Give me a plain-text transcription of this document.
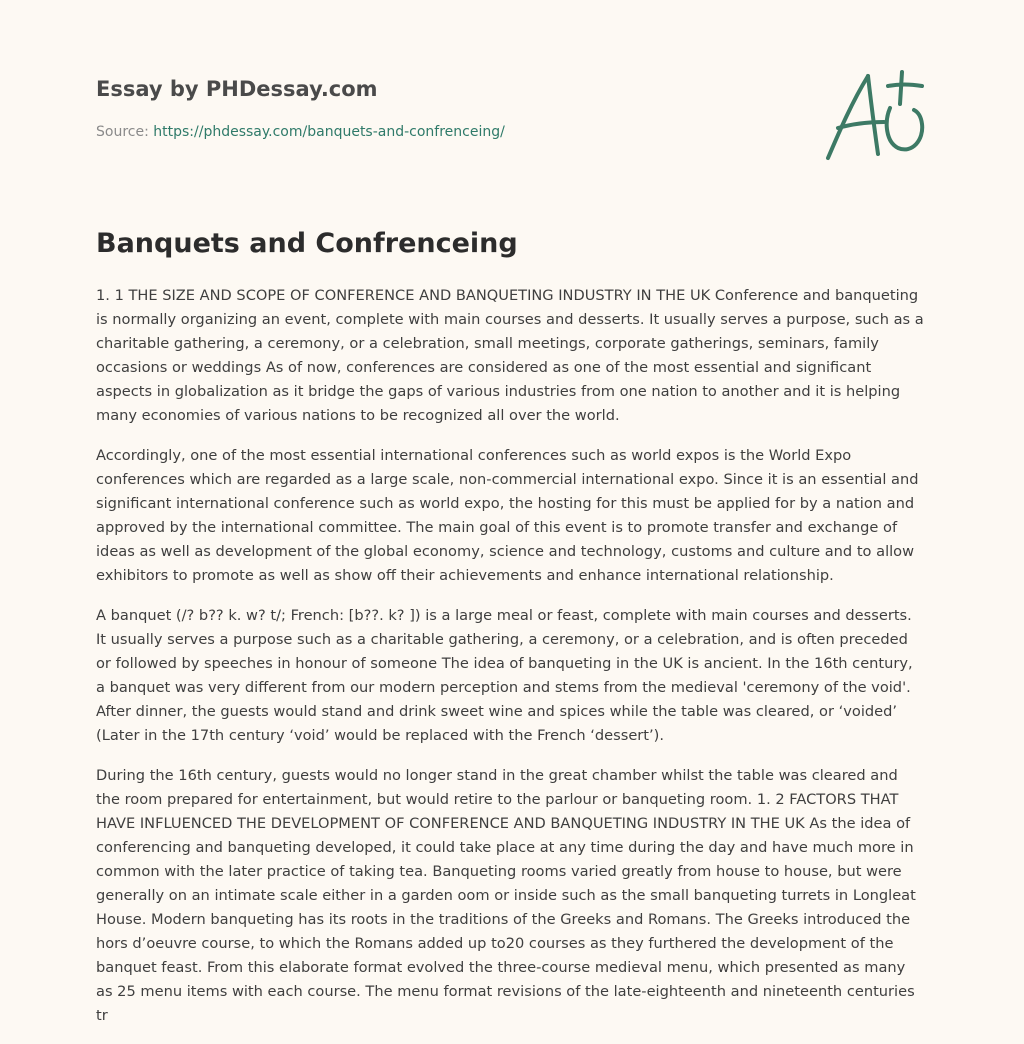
Essay by PHDessay.com
Source: https://phdessay.com/banquets-and-confrenceing/
Banquets and Confrenceing

1. 1 THE SIZE AND SCOPE OF CONFERENCE AND BANQUETING INDUSTRY IN THE UK Conference and banqueting is normally organizing an event, complete with main courses and desserts. It usually serves a purpose, such as a charitable gathering, a ceremony, or a celebration, small meetings, corporate gatherings, seminars, family occasions or weddings As of now, conferences are considered as one of the most essential and significant aspects in globalization as it bridge the gaps of various industries from one nation to another and it is helping many economies of various nations to be recognized all over the world.

Accordingly, one of the most essential international conferences such as world expos is the World Expo conferences which are regarded as a large scale, non-commercial international expo. Since it is an essential and significant international conference such as world expo, the hosting for this must be applied for by a nation and approved by the international committee. The main goal of this event is to promote transfer and exchange of ideas as well as development of the global economy, science and technology, customs and culture and to allow exhibitors to promote as well as show off their achievements and enhance international relationship.

A banquet (/? b?? k. w? t/; French: [b??. k? ]) is a large meal or feast, complete with main courses and desserts. It usually serves a purpose such as a charitable gathering, a ceremony, or a celebration, and is often preceded or followed by speeches in honour of someone The idea of banqueting in the UK is ancient. In the 16th century, a banquet was very different from our modern perception and stems from the medieval 'ceremony of the void'. After dinner, the guests would stand and drink sweet wine and spices while the table was cleared, or ‘voided’ (Later in the 17th century ‘void’ would be replaced with the French ‘dessert’).

During the 16th century, guests would no longer stand in the great chamber whilst the table was cleared and the room prepared for entertainment, but would retire to the parlour or banqueting room. 1. 2 FACTORS THAT HAVE INFLUENCED THE DEVELOPMENT OF CONFERENCE AND BANQUETING INDUSTRY IN THE UK As the idea of conferencing and banqueting developed, it could take place at any time during the day and have much more in common with the later practice of taking tea. Banqueting rooms varied greatly from house to house, but were generally on an intimate scale either in a garden oom or inside such as the small banqueting turrets in Longleat House. Modern banqueting has its roots in the traditions of the Greeks and Romans. The Greeks introduced the hors d’oeuvre course, to which the Romans added up to20 courses as they furthered the development of the banquet feast. From this elaborate format evolved the three-course medieval menu, which presented as many as 25 menu items with each course. The menu format revisions of the late-eighteenth and nineteenth centuries tr
